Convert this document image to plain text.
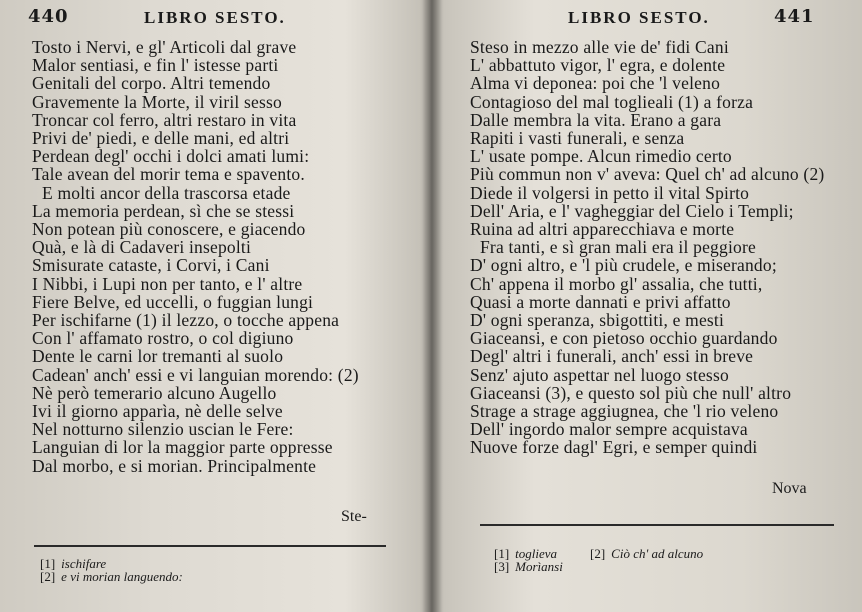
440	LIBRO SESTO.
Tosto i Nervi, e gl' Articoli dal grave
Malor sentiasi, e fin l' istesse parti
Genitali del corpo. Altri temendo
Gravemente la Morte, il viril sesso
Troncar col ferro, altri restaro in vita
Privi de' piedi, e delle mani, ed altri
Perdean degl' occhi i dolci amati lumi:
Tale avean del morir tema e spavento.
E molti ancor della trascorsa etade
La memoria perdean, sì che se stessi
Non potean più conoscere, e giacendo
Quà, e là di Cadaveri insepolti
Smisurate cataste, i Corvi, i Cani
I Nibbi, i Lupi non per tanto, e l' altre
Fiere Belve, ed uccelli, o fuggian lungi
Per ischifarne (1) il lezzo, o tocche appena
Con l' affamato rostro, o col digiuno
Dente le carni lor tremanti al suolo
Cadean' anch' essi e vi languian morendo: (2)
Nè però temerario alcuno Augello
Ivi il giorno apparìa, nè delle selve
Nel notturno silenzio uscian le Fere:
Languian di lor la maggior parte oppresse
Dal morbo, e si morian. Principalmente
Ste-
[1] ischifare
[2] e vi morian languendo:
LIBRO SESTO.	441
Steso in mezzo alle vie de' fidi Cani
L' abbattuto vigor, l' egra, e dolente
Alma vi deponea: poi che 'l veleno
Contagioso del mal toglieali (1) a forza
Dalle membra la vita. Erano a gara
Rapiti i vasti funerali, e senza
L' usate pompe. Alcun rimedio certo
Più commun non v' aveva: Quel ch' ad alcuno (2)
Diede il volgersi in petto il vital Spirto
Dell' Aria, e l' vagheggiar del Cielo i Templi;
Ruina ad altri apparecchiava e morte
Fra tanti, e sì gran mali era il peggiore
D' ogni altro, e 'l più crudele, e miserando;
Ch' appena il morbo gl' assalia, che tutti,
Quasi a morte dannati e privi affatto
D' ogni speranza, sbigottiti, e mesti
Giaceansi, e con pietoso occhio guardando
Degl' altri i funerali, anch' essi in breve
Senz' ajuto aspettar nel luogo stesso
Giaceansi (3), e questo sol più che null' altro
Strage a strage aggiugnea, che 'l rio veleno
Dell' ingordo malor sempre acquistava
Nuove forze dagl' Egri, e semper quindi
Nova
[1] toglieva
[3] Morìansi
[2] Ciò ch' ad alcuno
